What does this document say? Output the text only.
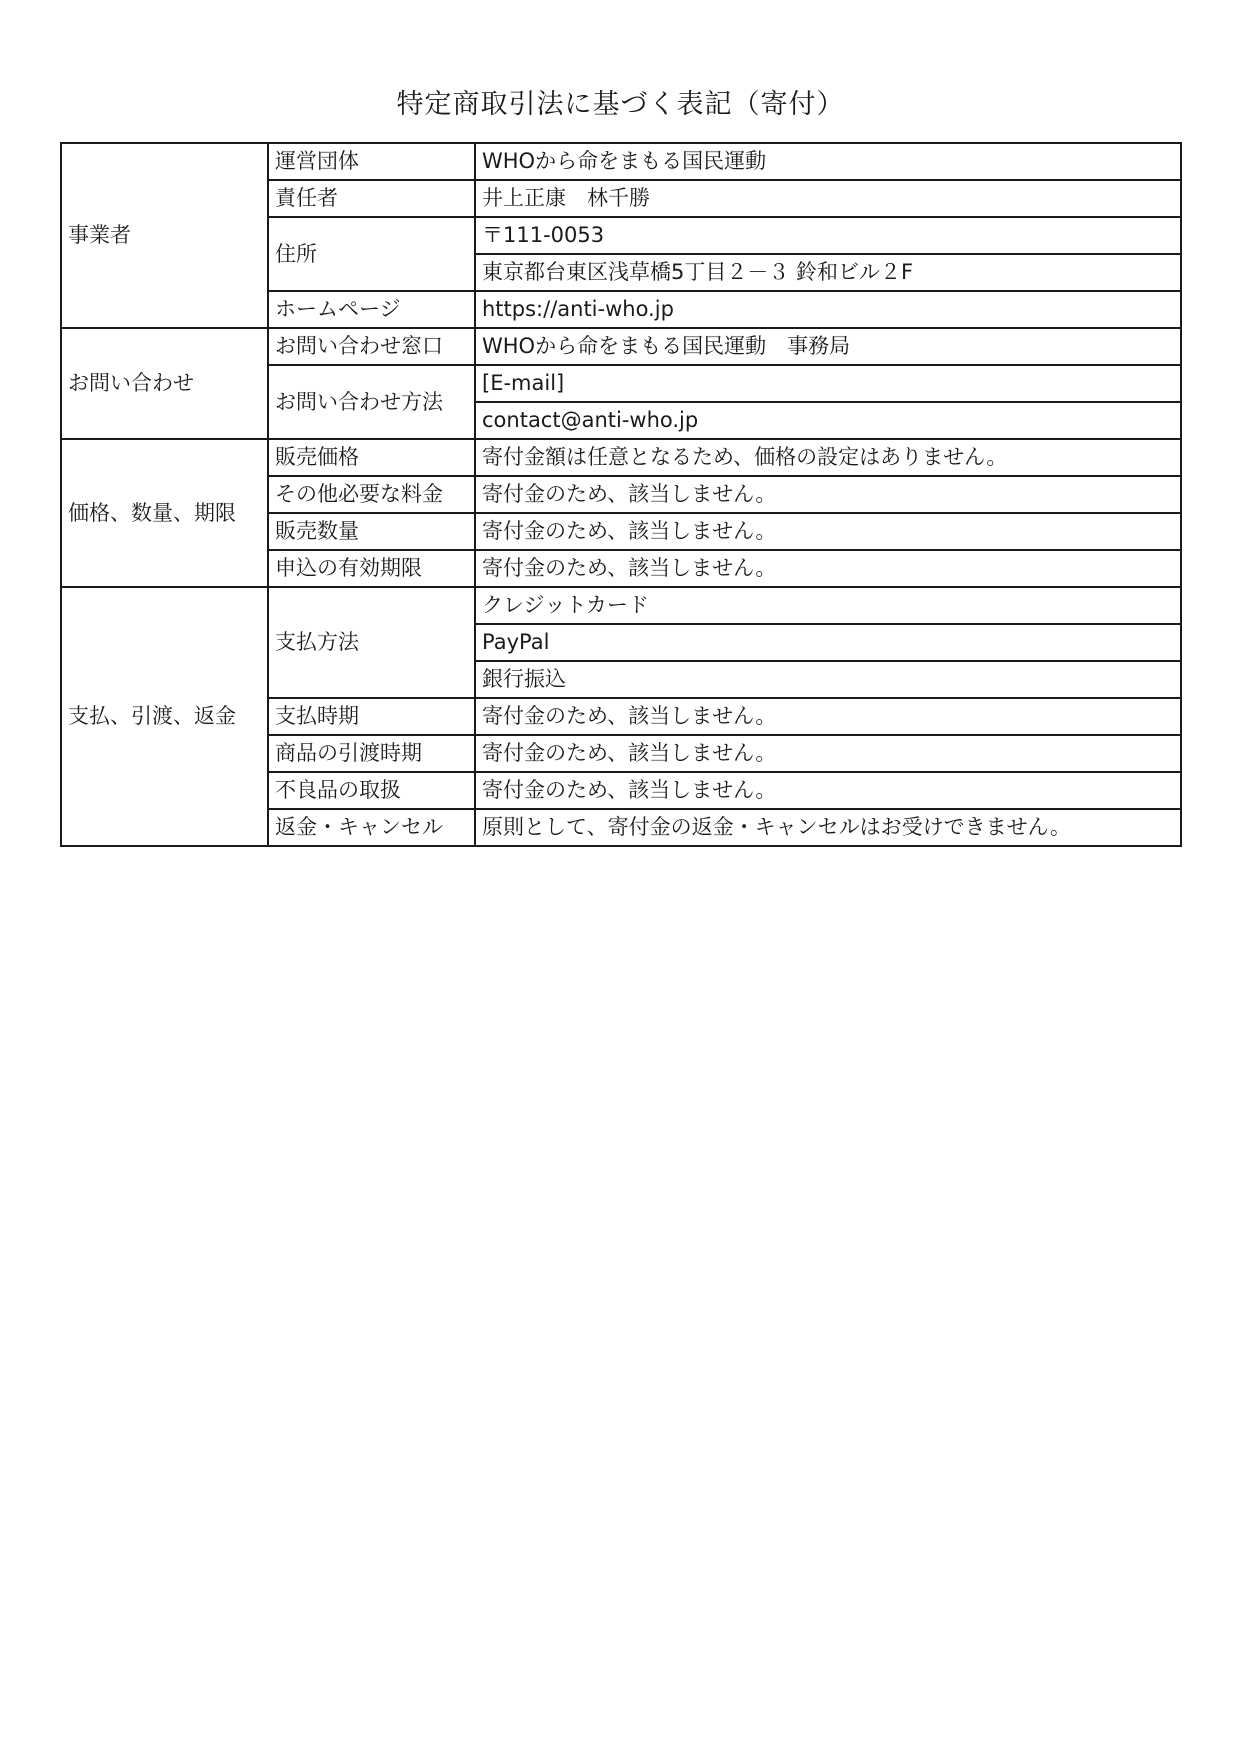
特定商取引法に基づく表記（寄付）
事業者	運営団体	WHOから命をまもる国民運動
	責任者	井上正康　林千勝
	住所	〒111-0053
		東京都台東区浅草橋5丁目２－３ 鈴和ビル２F
	ホームページ	https://anti-who.jp
お問い合わせ	お問い合わせ窓口	WHOから命をまもる国民運動　事務局
	お問い合わせ方法	[E-mail]
		contact@anti-who.jp
価格、数量、期限	販売価格	寄付金額は任意となるため、価格の設定はありません。
	その他必要な料金	寄付金のため、該当しません。
	販売数量	寄付金のため、該当しません。
	申込の有効期限	寄付金のため、該当しません。
支払、引渡、返金	支払方法	クレジットカード
		PayPal
		銀行振込
	支払時期	寄付金のため、該当しません。
	商品の引渡時期	寄付金のため、該当しません。
	不良品の取扱	寄付金のため、該当しません。
	返金・キャンセル	原則として、寄付金の返金・キャンセルはお受けできません。
